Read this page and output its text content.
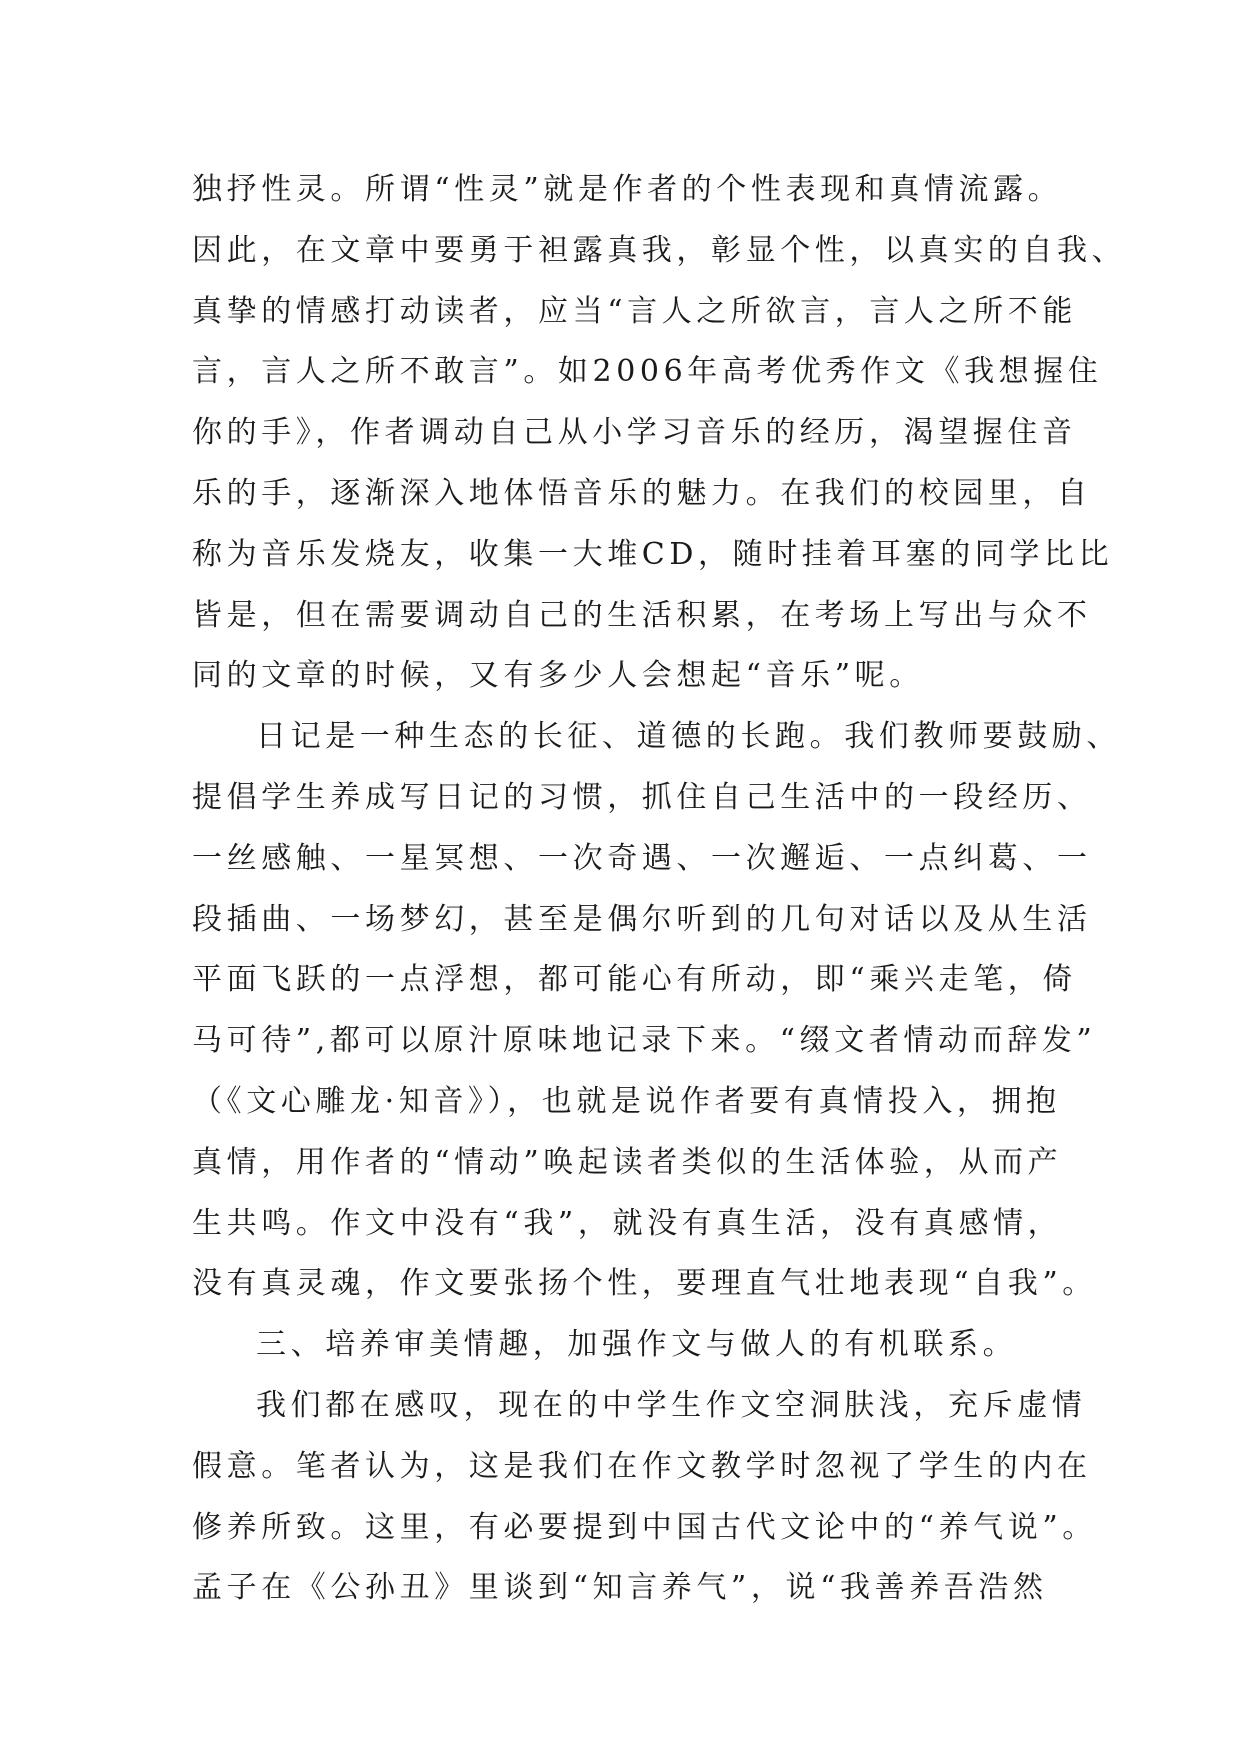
独抒性灵。所谓“性灵”就是作者的个性表现和真情流露。
因此，在文章中要勇于袒露真我，彰显个性，以真实的自我、
真挚的情感打动读者，应当“言人之所欲言，言人之所不能
言，言人之所不敢言”。如2006年高考优秀作文《我想握住
你的手》，作者调动自己从小学习音乐的经历，渴望握住音
乐的手，逐渐深入地体悟音乐的魅力。在我们的校园里，自
称为音乐发烧友，收集一大堆CD，随时挂着耳塞的同学比比
皆是，但在需要调动自己的生活积累，在考场上写出与众不
同的文章的时候，又有多少人会想起“音乐”呢。
日记是一种生态的长征、道德的长跑。我们教师要鼓励、
提倡学生养成写日记的习惯，抓住自己生活中的一段经历、
一丝感触、一星冥想、一次奇遇、一次邂逅、一点纠葛、一
段插曲、一场梦幻，甚至是偶尔听到的几句对话以及从生活
平面飞跃的一点浮想，都可能心有所动，即“乘兴走笔，倚
马可待”,都可以原汁原味地记录下来。“缀文者情动而辞发”
（《文心雕龙·知音》），也就是说作者要有真情投入，拥抱
真情，用作者的“情动”唤起读者类似的生活体验，从而产
生共鸣。作文中没有“我”，就没有真生活，没有真感情，
没有真灵魂，作文要张扬个性，要理直气壮地表现“自我”。
三、培养审美情趣，加强作文与做人的有机联系。
我们都在感叹，现在的中学生作文空洞肤浅，充斥虚情
假意。笔者认为，这是我们在作文教学时忽视了学生的内在
修养所致。这里，有必要提到中国古代文论中的“养气说”。
孟子在《公孙丑》里谈到“知言养气”，说“我善养吾浩然
